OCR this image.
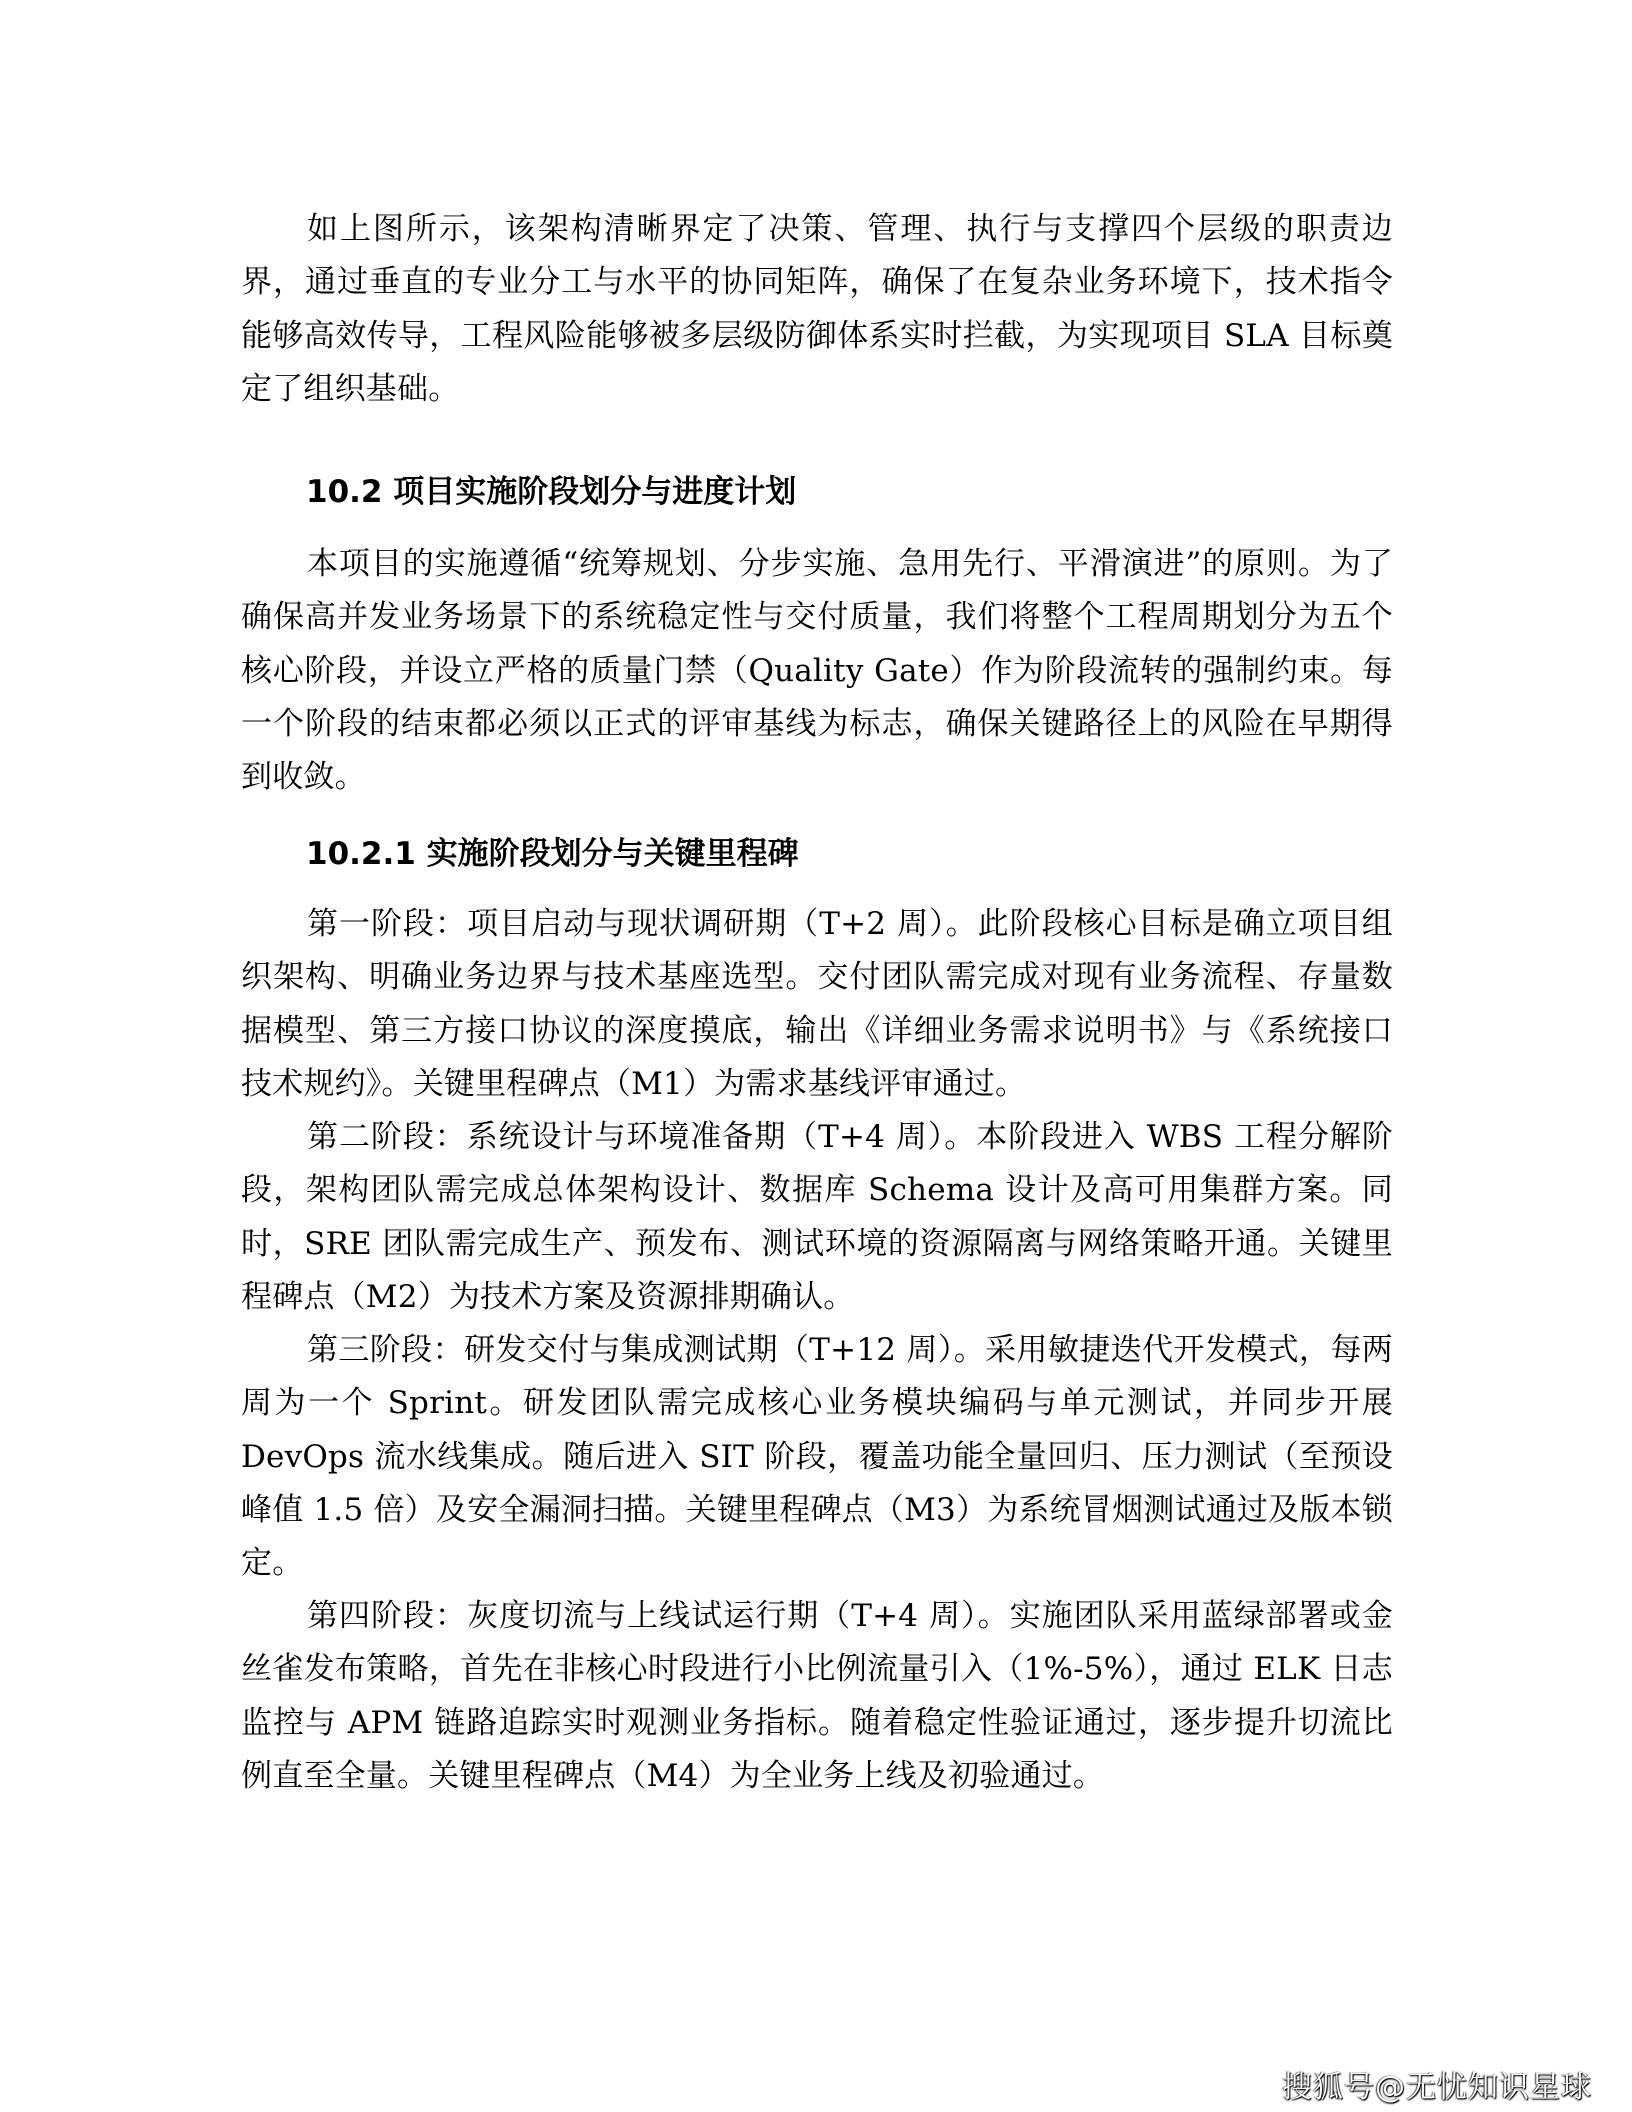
如上图所示，该架构清晰界定了决策、管理、执行与支撑四个层级的职责边界，通过垂直的专业分工与水平的协同矩阵，确保了在复杂业务环境下，技术指令能够高效传导，工程风险能够被多层级防御体系实时拦截，为实现项目 SLA 目标奠定了组织基础。

10.2 项目实施阶段划分与进度计划

本项目的实施遵循“统筹规划、分步实施、急用先行、平滑演进”的原则。为了确保高并发业务场景下的系统稳定性与交付质量，我们将整个工程周期划分为五个核心阶段，并设立严格的质量门禁（Quality Gate）作为阶段流转的强制约束。每一个阶段的结束都必须以正式的评审基线为标志，确保关键路径上的风险在早期得到收敛。

10.2.1 实施阶段划分与关键里程碑

第一阶段：项目启动与现状调研期（T+2 周）。此阶段核心目标是确立项目组织架构、明确业务边界与技术基座选型。交付团队需完成对现有业务流程、存量数据模型、第三方接口协议的深度摸底，输出《详细业务需求说明书》与《系统接口技术规约》。关键里程碑点（M1）为需求基线评审通过。

第二阶段：系统设计与环境准备期（T+4 周）。本阶段进入 WBS 工程分解阶段，架构团队需完成总体架构设计、数据库 Schema 设计及高可用集群方案。同时，SRE 团队需完成生产、预发布、测试环境的资源隔离与网络策略开通。关键里程碑点（M2）为技术方案及资源排期确认。

第三阶段：研发交付与集成测试期（T+12 周）。采用敏捷迭代开发模式，每两周为一个 Sprint。研发团队需完成核心业务模块编码与单元测试，并同步开展 DevOps 流水线集成。随后进入 SIT 阶段，覆盖功能全量回归、压力测试（至预设峰值 1.5 倍）及安全漏洞扫描。关键里程碑点（M3）为系统冒烟测试通过及版本锁定。

第四阶段：灰度切流与上线试运行期（T+4 周）。实施团队采用蓝绿部署或金丝雀发布策略，首先在非核心时段进行小比例流量引入（1%-5%），通过 ELK 日志监控与 APM 链路追踪实时观测业务指标。随着稳定性验证通过，逐步提升切流比例直至全量。关键里程碑点（M4）为全业务上线及初验通过。

搜狐号@无忧知识星球
